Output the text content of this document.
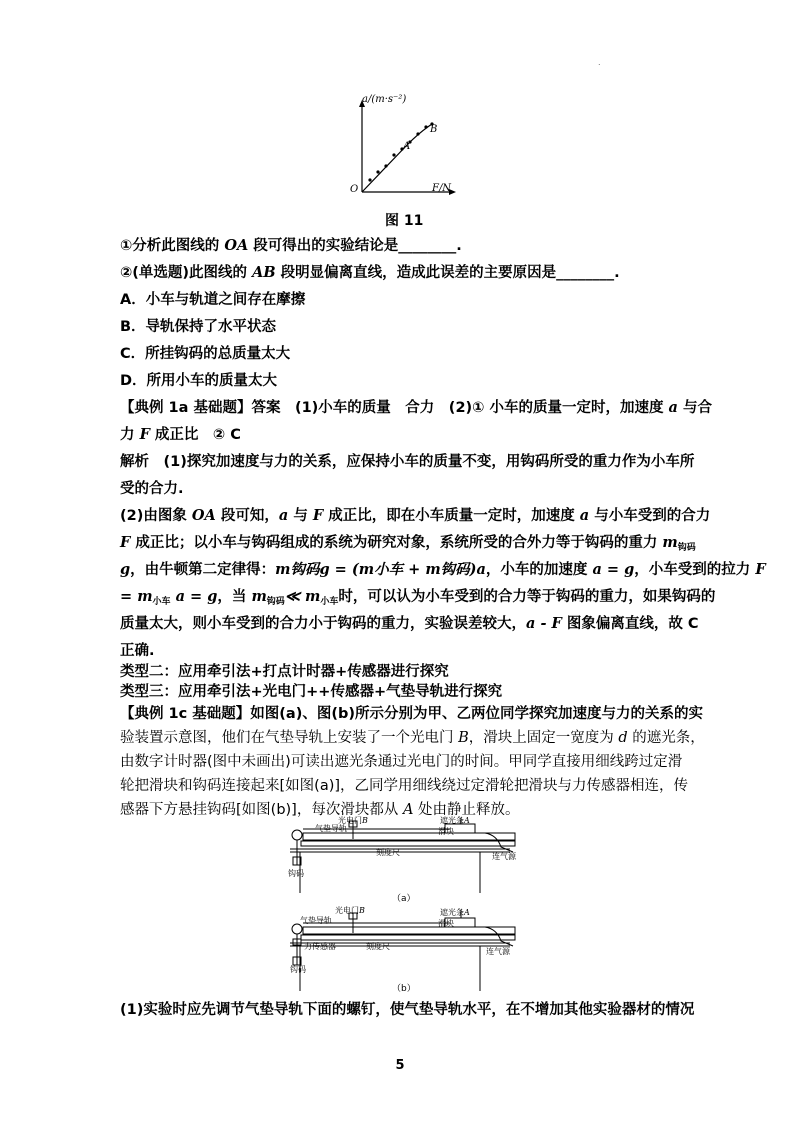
.
a/(m·s⁻²)
F/N
O
A
B
图 11
①分析此图线的 OA 段可得出的实验结论是________.
②(单选题)此图线的 AB 段明显偏离直线，造成此误差的主要原因是________.
A．小车与轨道之间存在摩擦
B．导轨保持了水平状态
C．所挂钩码的总质量太大
D．所用小车的质量太大
【典例 1a 基础题】答案　(1)小车的质量　合力　(2)① 小车的质量一定时，加速度 a 与合
力 F 成正比　② C
解析　(1)探究加速度与力的关系，应保持小车的质量不变，用钩码所受的重力作为小车所
受的合力.
(2)由图象 OA 段可知，a 与 F 成正比，即在小车质量一定时，加速度 a 与小车受到的合力
F 成正比；以小车与钩码组成的系统为研究对象，系统所受的合外力等于钩码的重力 $m_{钩码}$
g，由牛顿第二定律得：m钩码g = (m小车 + m钩码)a，小车的加速度 a = g，小车受到的拉力 F
= $m_{小车}$ a = g，当 $m_{钩码}≪$ $m_{小车}$时，可以认为小车受到的合力等于钩码的重力，如果钩码的
质量太大，则小车受到的合力小于钩码的重力，实验误差较大，a - F 图象偏离直线，故 C
正确.
类型二：应用牵引法+打点计时器+传感器进行探究
类型三：应用牵引法+光电门++传感器+气垫导轨进行探究
【典例 1c 基础题】如图(a)、图(b)所示分别为甲、乙两位同学探究加速度与力的关系的实
验装置示意图，他们在气垫导轨上安装了一个光电门 B，滑块上固定一宽度为 d 的遮光条，
由数字计时器(图中未画出)可读出遮光条通过光电门的时间。甲同学直接用细线跨过定滑
轮把滑块和钩码连接起来[如图(a)]，乙同学用细线绕过定滑轮把滑块与力传感器相连，传
感器下方悬挂钩码[如图(b)]，每次滑块都从 A 处由静止释放。
光电门B
气垫导轨
遮光条A
滑块
刻度尺	连气源
钩码
（a）
光电门B
气垫导轨
遮光条A
滑块
力传感器	刻度尺
连气源
钩码
（b）
(1)实验时应先调节气垫导轨下面的螺钉，使气垫导轨水平，在不增加其他实验器材的情况
5
